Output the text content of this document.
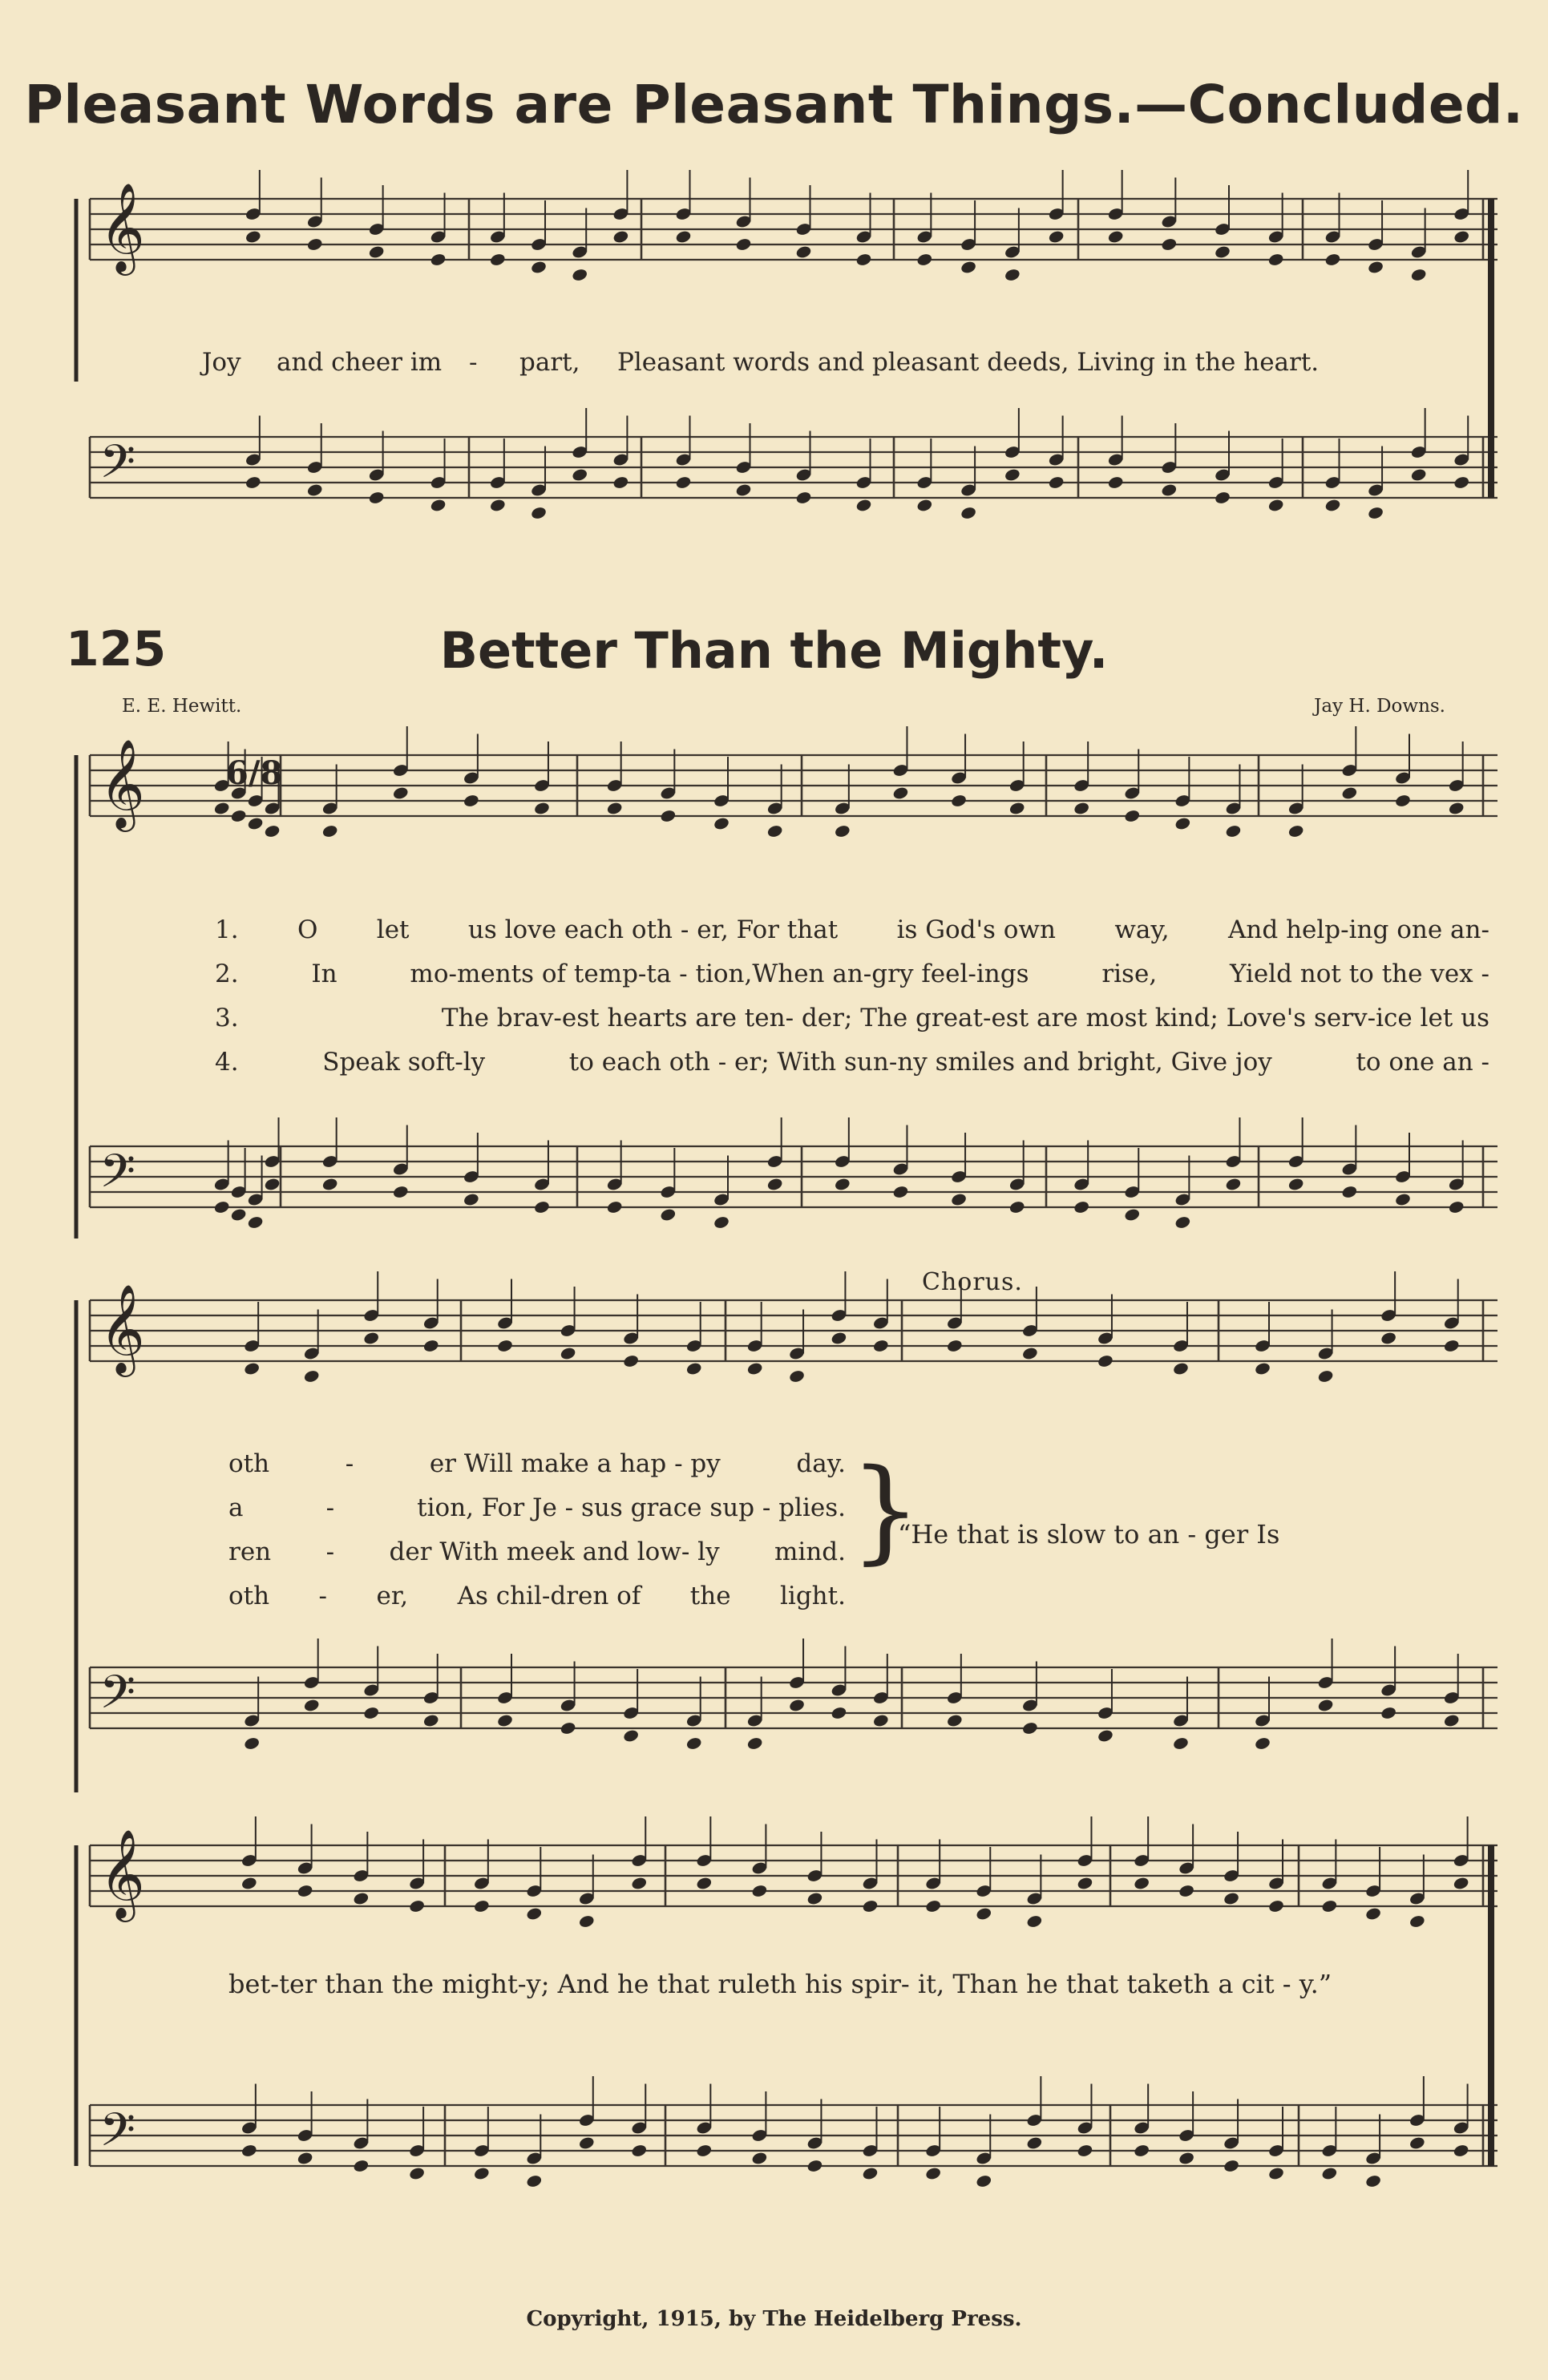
𝄞
𝄢
𝄞
𝄢
𝄞
𝄢
𝄞
𝄢
Pleasant Words are Pleasant Things.—Concluded.
Joy and cheer im - part, Pleasant words and pleasant deeds, Living in the heart.
125	Better Than the Mighty.
E. E. Hewitt.	Jay H. Downs.
6/8
1. O let us love each oth - er, For that is God's own way, And help-ing one an-
2.	In	mo-ments of temp-ta - tion,When an-gry feel-ings	rise,	Yield not to the vex -
3.	The brav-est hearts are ten- der; The great-est are most kind; Love's serv-ice let us
4.	Speak soft-ly	to each oth - er; With sun-ny smiles and bright, Give joy	to one an -
Chorus.
oth	-	er Will make a hap - py	day.
a	-	tion, For Je - sus grace sup - plies.
ren - der With meek and low- ly mind.
oth - er, As chil-dren of the light.
}
“He that is slow to an - ger Is
bet-ter than the might-y; And he that ruleth his spir- it, Than he that taketh a cit - y.”
Copyright, 1915, by The Heidelberg Press.
